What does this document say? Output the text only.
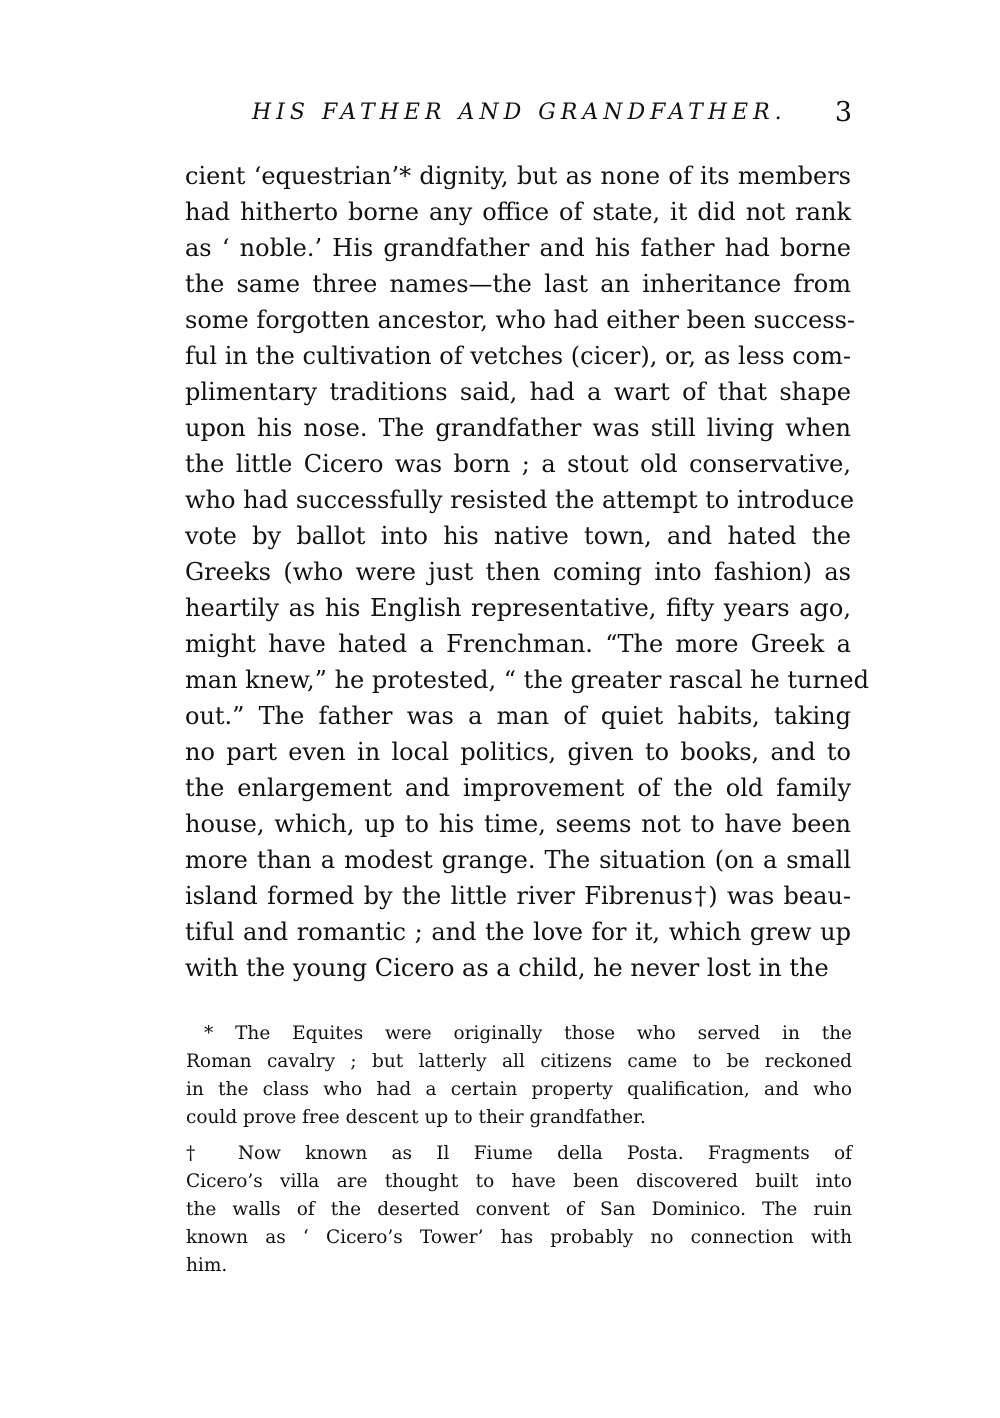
HIS FATHER AND GRANDFATHER. 3
cient ‘equestrian’* dignity, but as none of its members
had hitherto borne any office of state, it did not rank
as ‘ noble.’ His grandfather and his father had borne
the same three names—the last an inheritance from
some forgotten ancestor, who had either been success-
ful in the cultivation of vetches (cicer), or, as less com-
plimentary traditions said, had a wart of that shape
upon his nose. The grandfather was still living when
the little Cicero was born ; a stout old conservative,
who had successfully resisted the attempt to introduce
vote by ballot into his native town, and hated the
Greeks (who were just then coming into fashion) as
heartily as his English representative, fifty years ago,
might have hated a Frenchman. “The more Greek a
man knew,” he protested, “ the greater rascal he turned
out.” The father was a man of quiet habits, taking
no part even in local politics, given to books, and to
the enlargement and improvement of the old family
house, which, up to his time, seems not to have been
more than a modest grange. The situation (on a small
island formed by the little river Fibrenus†) was beau-
tiful and romantic ; and the love for it, which grew up
with the young Cicero as a child, he never lost in the
* The Equites were originally those who served in the
Roman cavalry ; but latterly all citizens came to be reckoned
in the class who had a certain property qualification, and who
could prove free descent up to their grandfather.
† Now known as Il Fiume della Posta. Fragments of
Cicero’s villa are thought to have been discovered built into
the walls of the deserted convent of San Dominico. The ruin
known as ‘ Cicero’s Tower’ has probably no connection with
him.
